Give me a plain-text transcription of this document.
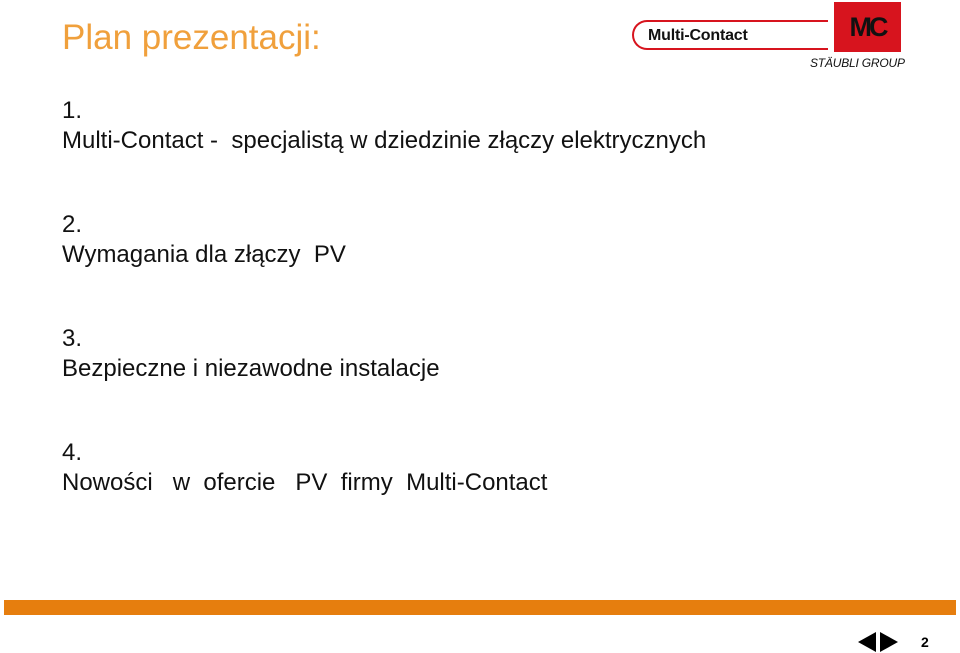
Plan prezentacji:	Multi-Contact	MC
STÄUBLI GROUP
1.
Multi-Contact -  specjalistą w dziedzinie złączy elektrycznych
2.
Wymagania dla złączy  PV
3.
Bezpieczne i niezawodne instalacje
4.
Nowości   w  ofercie   PV  firmy  Multi-Contact
2
